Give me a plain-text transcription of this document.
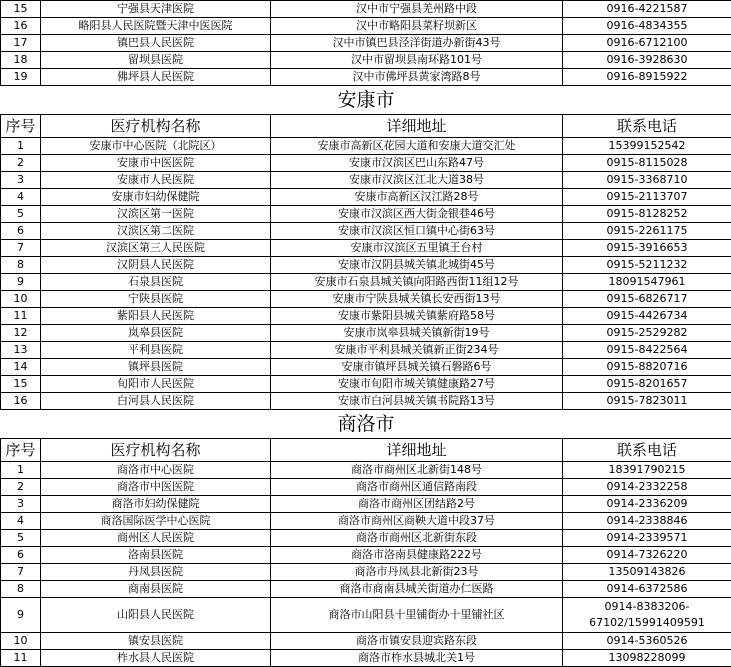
15	宁强县天津医院	汉中市宁强县羌州路中段	0916-4221587
16	略阳县人民医院暨天津中医医院	汉中市略阳县菜籽坝新区	0916-4834355
17	镇巴县人民医院	汉中市镇巴县泾洋街道办新街43号	0916-6712100
18	留坝县医院	汉中市留坝县南环路101号	0916-3928630
19	佛坪县人民医院	汉中市佛坪县黄家湾路8号	0916-8915922
安康市			
序号	医疗机构名称	详细地址	联系电话
1	安康市中心医院（北院区）	安康市高新区花园大道和安康大道交汇处	15399152542
2	安康市中医医院	安康市汉滨区巴山东路47号	0915-8115028
3	安康市人民医院	安康市汉滨区江北大道38号	0915-3368710
4	安康市妇幼保健院	安康市高新区汉江路28号	0915-2113707
5	汉滨区第一医院	安康市汉滨区西大街金银巷46号	0915-8128252
6	汉滨区第二医院	安康市汉滨区恒口镇中心街63号	0915-2261175
7	汉滨区第三人民医院	安康市汉滨区五里镇王台村	0915-3916653
8	汉阴县人民医院	安康市汉阴县城关镇北城街45号	0915-5211232
9	石泉县医院	安康市石泉县城关镇向阳路西街11组12号	18091547961
10	宁陕县医院	安康市宁陕县城关镇长安西街13号	0915-6826717
11	紫阳县人民医院	安康市紫阳县城关镇紫府路58号	0915-4426734
12	岚皋县医院	安康市岚皋县城关镇新街19号	0915-2529282
13	平利县医院	安康市平利县城关镇新正街234号	0915-8422564
14	镇坪县医院	安康市镇坪县城关镇石磐路6号	0915-8820716
15	旬阳市人民医院	安康市旬阳市城关镇健康路27号	0915-8201657
16	白河县人民医院	安康市白河县城关镇书院路13号	0915-7823011
商洛市			
序号	医疗机构名称	详细地址	联系电话
1	商洛市中心医院	商洛市商州区北新街148号	18391790215
2	商洛市中医医院	商洛市商州区通信路南段	0914-2332258
3	商洛市妇幼保健院	商洛市商州区团结路2号	0914-2336209
4	商洛国际医学中心医院	商洛市商州区商鞅大道中段37号	0914-2338846
5	商州区人民医院	商洛市商州区北新街东段	0914-2339571
6	洛南县医院	商洛市洛南县健康路222号	0914-7326220
7	丹凤县医院	商洛市丹凤县北新街23号	13509143826
8	商南县医院	商洛市商南县城关街道办仁医路	0914-6372586
9	山阳县人民医院	商洛市山阳县十里铺街办十里铺社区	0914-8383206-
67102/15991409591
10	镇安县医院	商洛市镇安县迎宾路东段	0914-5360526
11	柞水县人民医院	商洛市柞水县城北关1号	13098228099
